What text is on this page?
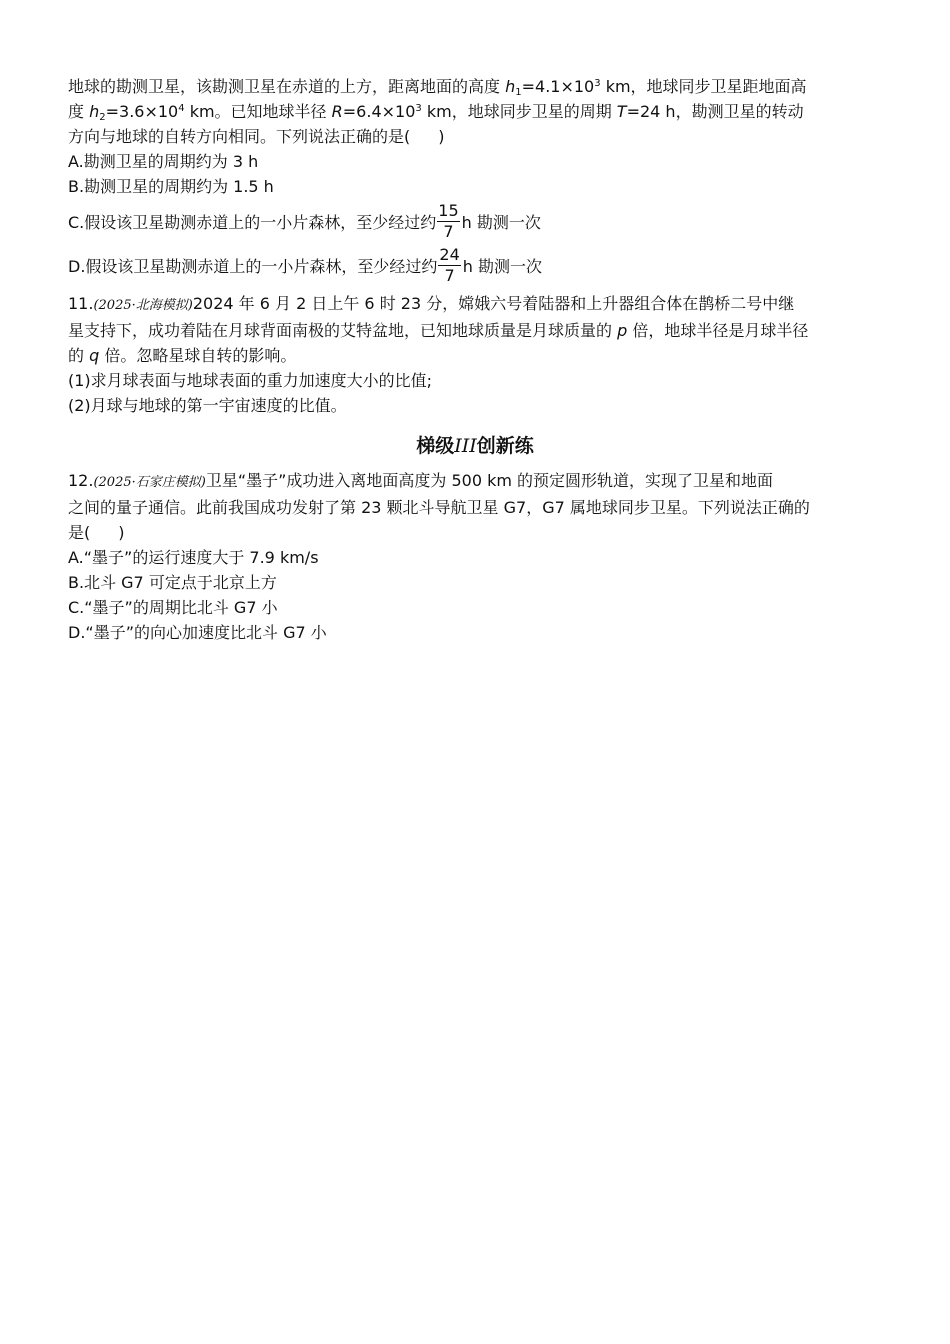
地球的勘测卫星，该勘测卫星在赤道的上方，距离地面的高度 $h_1=4.1\times 10^3$ km，地球同步卫星距地面高
度 $h_2=3.6\times 10^4$ km。已知地球半径 $R=6.4\times 10^3$ km，地球同步卫星的周期 T=24 h，勘测卫星的转动
方向与地球的自转方向相同。下列说法正确的是( )
A.勘测卫星的周期约为 3 h
B.勘测卫星的周期约为 1.5 h
C.假设该卫星勘测赤道上的一小片森林，至少经过约 $\frac{15}{7}$ h 勘测一次
D.假设该卫星勘测赤道上的一小片森林，至少经过约 $\frac{24}{7}$ h 勘测一次
11.(2025·北海模拟)2024 年 6 月 2 日上午 6 时 23 分，嫦娥六号着陆器和上升器组合体在鹊桥二号中继
星支持下，成功着陆在月球背面南极的艾特盆地，已知地球质量是月球质量的 p 倍，地球半径是月球半径
的 q 倍。忽略星球自转的影响。
(1)求月球表面与地球表面的重力加速度大小的比值;
(2)月球与地球的第一宇宙速度的比值。
梯级III创新练
12.(2025·石家庄模拟)卫星“墨子”成功进入离地面高度为 500 km 的预定圆形轨道，实现了卫星和地面
之间的量子通信。此前我国成功发射了第 23 颗北斗导航卫星 G7，G7 属地球同步卫星。下列说法正确的
是( )
A.“墨子”的运行速度大于 7.9 km/s
B.北斗 G7 可定点于北京上方
C.“墨子”的周期比北斗 G7 小
D.“墨子”的向心加速度比北斗 G7 小
